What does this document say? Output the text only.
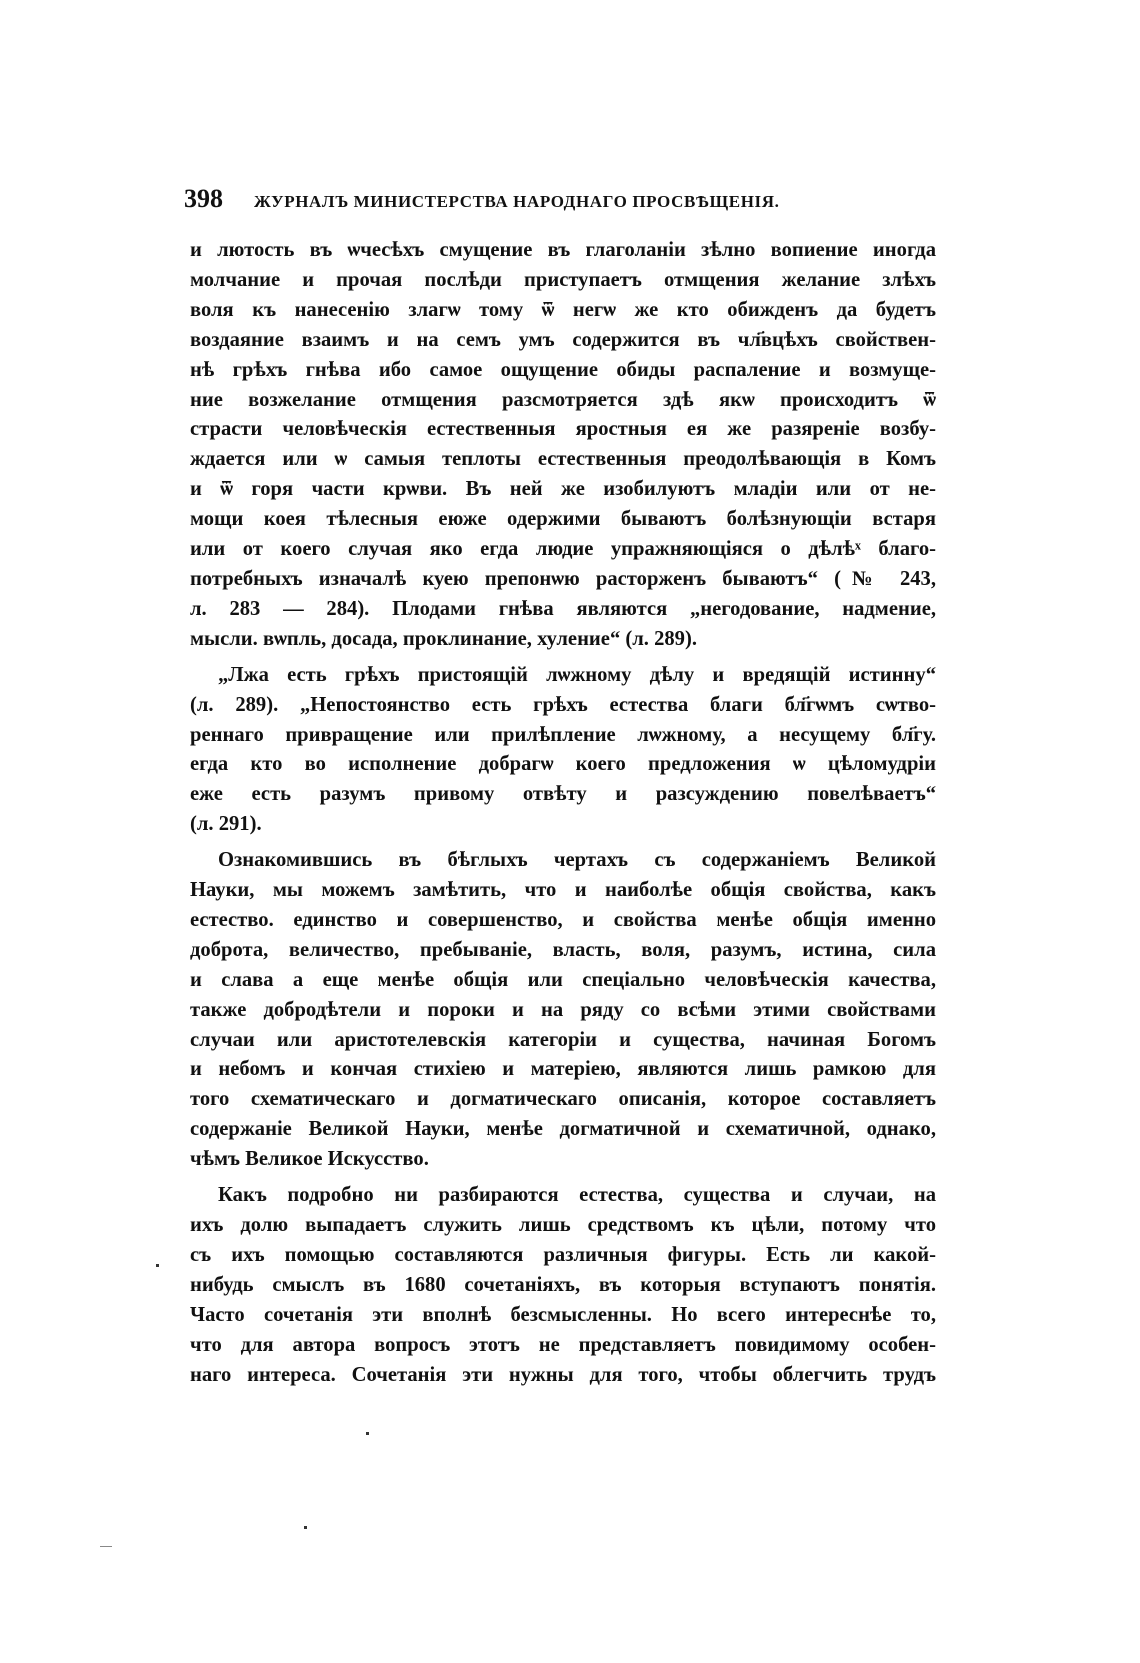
398	ЖУРНАЛЪ МИНИСТЕРСТВА НАРОДНАГО ПРОСВѢЩЕНІЯ.
и лютость въ ѡчесѣхъ смущение въ глаголаніи зѣлно вопиение иногда
молчание и прочая послѣди приступаетъ отмщения желание злѣхъ
воля къ нанесенію злагѡ тому ѿ негѡ же кто обижденъ да будетъ
воздаяние взаимъ и на семъ умъ содержится въ чл҃вцѣхъ свойствен-
нѣ грѣхъ гнѣва ибо самое ощущение обиды распаление и возмуще-
ние возжелание отмщения разсмотряется здѣ якѡ происходитъ ѿ
страсти человѣческія естественныя яростныя ея же разяреніе возбу-
ждается или ѡ самыя теплоты естественныя преодолѣвающія в Комъ
и ѿ горя части крѡви. Въ ней же изобилуютъ младіи или от не-
мощи коея тѣлесныя еюже одержими бываютъ болѣзнующіи встаря
или от коего случая яко егда людие упражняющіяся о дѣлѣˣ благо-
потребныхъ изначалѣ куею препонѡю расторженъ бываютъ“ (№ 243,
л. 283 — 284). Плодами гнѣва являются „негодование, надмение,
мысли. вѡпль, досада, проклинание, хуление“ (л. 289).
„Лжа есть грѣхъ пристоящій лѡжному дѣлу и вредящій истинну“
(л. 289). „Непостоянство есть грѣхъ естества благи бл҃гѡмъ сѡтво-
реннаго привращение или прилѣпление лѡжному, а несущему бл҃гу.
егда кто во исполнение добрагѡ коего предложения ѡ цѣломудріи
еже есть разумъ привому отвѣту и разсуждению повелѣваетъ“
(л. 291).
Ознакомившись въ бѣглыхъ чертахъ съ содержаніемъ Великой
Науки, мы можемъ замѣтить, что и наиболѣе общія свойства, какъ
естество. единство и совершенство, и свойства менѣе общія именно
доброта, величество, пребываніе, власть, воля, разумъ, истина, сила
и слава а еще менѣе общія или спеціально человѣческія качества,
также добродѣтели и пороки и на ряду со всѣми этими свойствами
случаи или аристотелевскія категоріи и существа, начиная Богомъ
и небомъ и кончая стихіею и матеріею, являются лишь рамкою для
того схематическаго и догматическаго описанія, которое составляетъ
содержаніе Великой Науки, менѣе догматичной и схематичной, однако,
чѣмъ Великое Искусство.
Какъ подробно ни разбираются естества, существа и случаи, на
ихъ долю выпадаетъ служить лишь средствомъ къ цѣли, потому что
съ ихъ помощью составляются различныя фигуры. Есть ли какой-
нибудь смыслъ въ 1680 сочетаніяхъ, въ которыя вступаютъ понятія.
Часто сочетанія эти вполнѣ безсмысленны. Но всего интереснѣе то,
что для автора вопросъ этотъ не представляетъ повидимому особен-
наго интереса. Сочетанія эти нужны для того, чтобы облегчить трудъ
